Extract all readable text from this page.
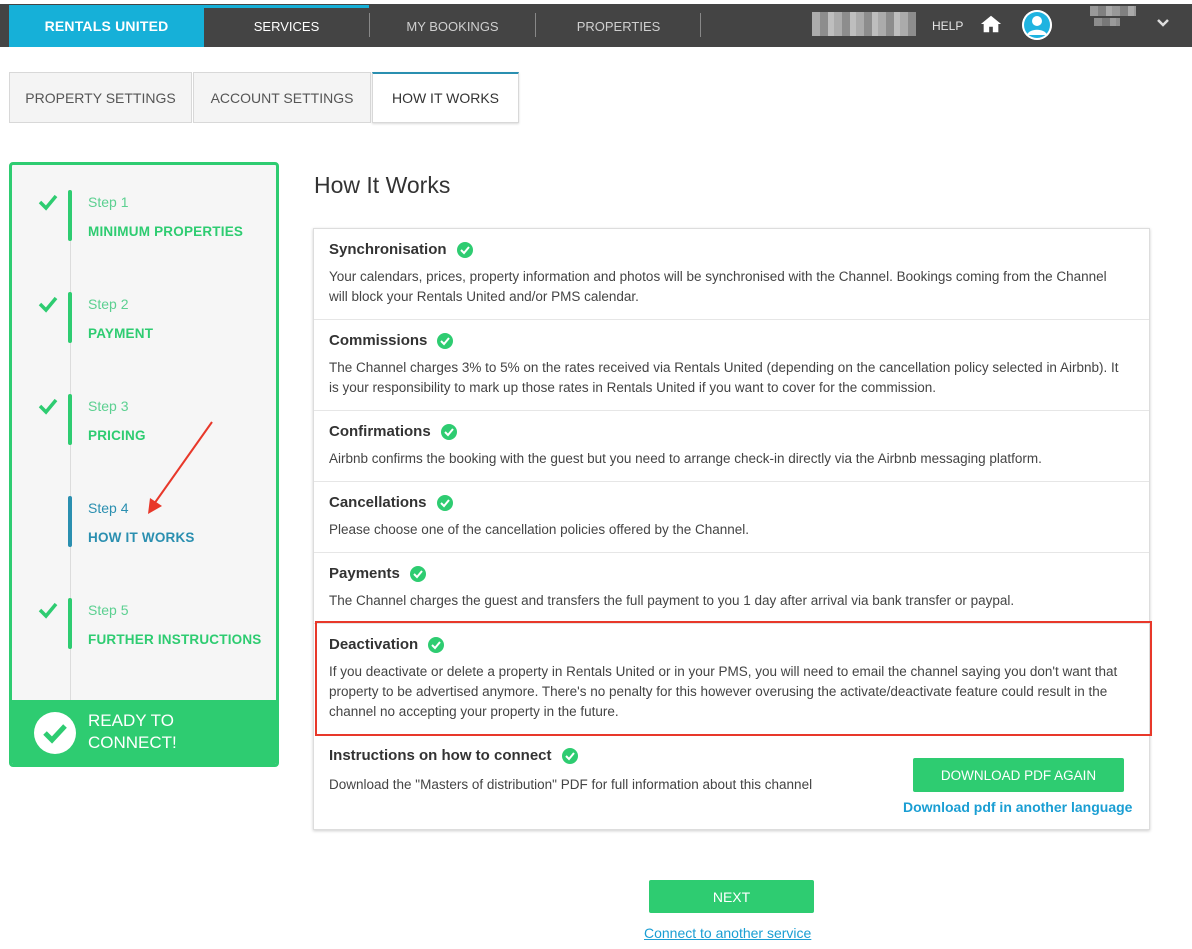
RENTALS UNITED	SERVICES	MY BOOKINGS	PROPERTIES	HELP
PROPERTY SETTINGS	ACCOUNT SETTINGS	HOW IT WORKS
Step 1
MINIMUM PROPERTIES
Step 2
PAYMENT
Step 3
PRICING
Step 4
HOW IT WORKS
Step 5
FURTHER INSTRUCTIONS
READY TO
CONNECT!
How It Works
Synchronisation
Your calendars, prices, property information and photos will be synchronised with the Channel. Bookings coming from the Channel will block your Rentals United and/or PMS calendar.
Commissions
The Channel charges 3% to 5% on the rates received via Rentals United (depending on the cancellation policy selected in Airbnb). It is your responsibility to mark up those rates in Rentals United if you want to cover for the commission.
Confirmations
Airbnb confirms the booking with the guest but you need to arrange check-in directly via the Airbnb messaging platform.
Cancellations
Please choose one of the cancellation policies offered by the Channel.
Payments
The Channel charges the guest and transfers the full payment to you 1 day after arrival via bank transfer or paypal.
Deactivation
If you deactivate or delete a property in Rentals United or in your PMS, you will need to email the channel saying you don't want that property to be advertised anymore. There's no penalty for this however overusing the activate/deactivate feature could result in the channel no accepting your property in the future.
Instructions on how to connect
Download the "Masters of distribution" PDF for full information about this channel
DOWNLOAD PDF AGAIN
Download pdf in another language
NEXT
Connect to another service
